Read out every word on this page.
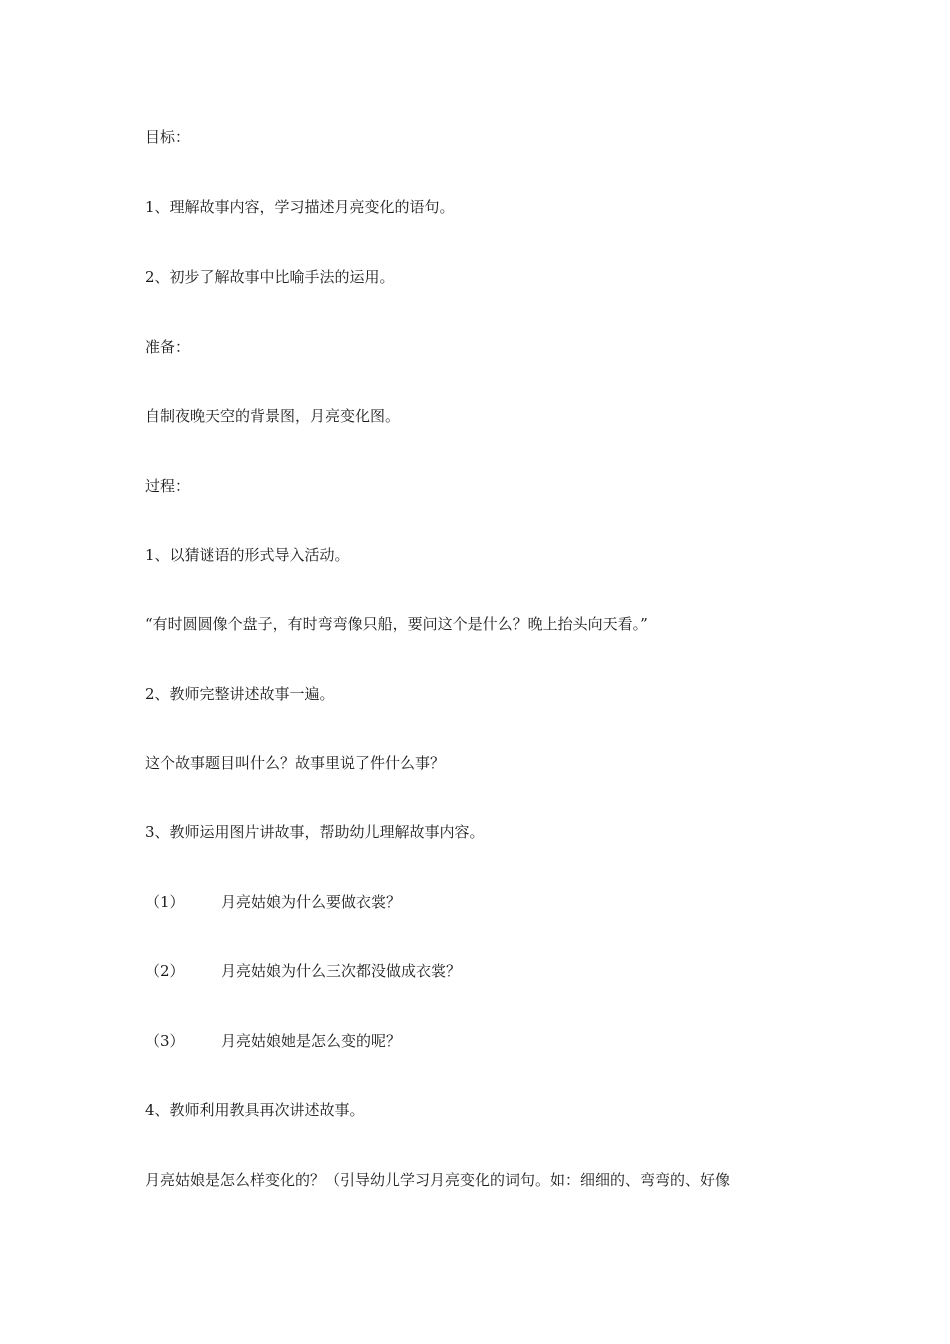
目标：
1、理解故事内容，学习描述月亮变化的语句。
2、初步了解故事中比喻手法的运用。
准备：
自制夜晚天空的背景图，月亮变化图。
过程：
1、以猜谜语的形式导入活动。
“有时圆圆像个盘子，有时弯弯像只船，要问这个是什么？晚上抬头向天看。”
2、教师完整讲述故事一遍。
这个故事题目叫什么？故事里说了件什么事？
3、教师运用图片讲故事，帮助幼儿理解故事内容。
（1） 月亮姑娘为什么要做衣裳？
（2） 月亮姑娘为什么三次都没做成衣裳？
（3） 月亮姑娘她是怎么变的呢？
4、教师利用教具再次讲述故事。
月亮姑娘是怎么样变化的？（引导幼儿学习月亮变化的词句。如：细细的、弯弯的、好像
